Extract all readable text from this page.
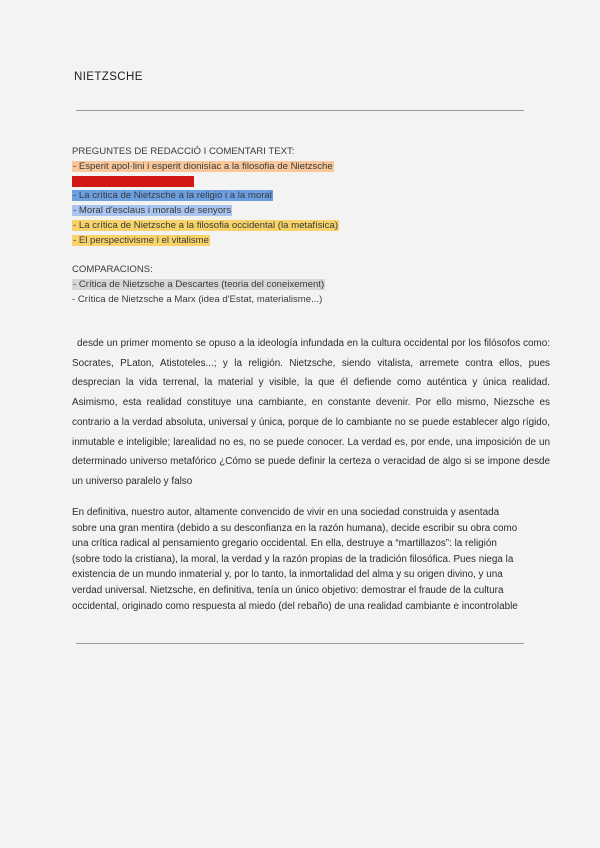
NIETZSCHE
PREGUNTES DE REDACCIÓ I COMENTARI TEXT:
- Esperit apol·lini i esperit dionisíac a la filosofia de Nietzsche
- El nihilisme i el superhome
- La crítica de Nietzsche a la religió i a la moral
- Moral d'esclaus i morals de senyors
- La crítica de Nietzsche a la filosofia occidental (la metafísica)
- El perspectivisme i el vitalisme
COMPARACIONS:
- Crítica de Nietzsche a Descartes (teoria del coneixement)
- Crítica de Nietzsche a Marx (idea d'Estat, materialisme...)
desde un primer momento se opuso a la ideología infundada en la cultura occidental por los filósofos como: Socrates, PLaton, Atistoteles...; y la religión. Nietzsche, siendo vitalista, arremete contra ellos, pues desprecian la vida terrenal, la material y visible, la que él defiende como auténtica y única realidad. Asimismo, esta realidad constituye una cambiante, en constante devenir. Por ello mismo, Niezsche es contrario a la verdad absoluta, universal y única, porque de lo cambiante no se puede establecer algo rígido, inmutable e inteligible; larealidad no es, no se puede conocer. La verdad es, por ende, una imposición de un determinado universo metafórico ¿Cómo se puede definir la certeza o veracidad de algo si se impone desde un universo paralelo y falso
En definitiva, nuestro autor, altamente convencido de vivir en una sociedad construida y asentada sobre una gran mentira (debido a su desconfianza en la razón humana), decide escribir su obra como una crítica radical al pensamiento gregario occidental. En ella, destruye a “martillazos”: la religión (sobre todo la cristiana), la moral, la verdad y la razón propias de la tradición filosófica. Pues niega la existencia de un mundo inmaterial y, por lo tanto, la inmortalidad del alma y su origen divino, y una verdad universal. Nietzsche, en definitiva, tenía un único objetivo: demostrar el fraude de la cultura occidental, originado como respuesta al miedo (del rebaño) de una realidad cambiante e incontrolable
